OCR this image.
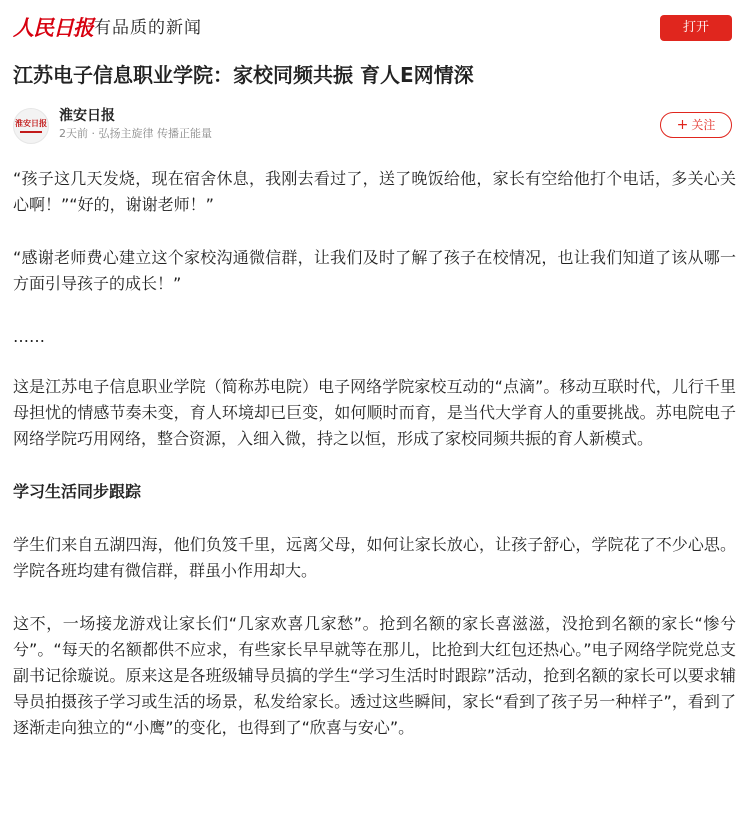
人民日报 有品质的新闻	打开
江苏电子信息职业学院：家校同频共振 育人E网情深
淮安日报 淮安日报
2天前 · 弘扬主旋律 传播正能量
+ 关注

“孩子这几天发烧，现在宿舍休息，我刚去看过了，送了晚饭给他，家长有空给他打个电话，多关心关心啊！”“好的，谢谢老师！”

“感谢老师费心建立这个家校沟通微信群，让我们及时了解了孩子在校情况，也让我们知道了该从哪一方面引导孩子的成长！”

……

这是江苏电子信息职业学院（简称苏电院）电子网络学院家校互动的“点滴”。移动互联时代，儿行千里母担忧的情感节奏未变，育人环境却已巨变，如何顺时而育，是当代大学育人的重要挑战。苏电院电子网络学院巧用网络，整合资源，入细入微，持之以恒，形成了家校同频共振的育人新模式。

学习生活同步跟踪

学生们来自五湖四海，他们负笈千里，远离父母，如何让家长放心，让孩子舒心，学院花了不少心思。学院各班均建有微信群，群虽小作用却大。

这不，一场接龙游戏让家长们“几家欢喜几家愁”。抢到名额的家长喜滋滋，没抢到名额的家长“惨兮兮”。“每天的名额都供不应求，有些家长早早就等在那儿，比抢到大红包还热心。”电子网络学院党总支副书记徐璇说。原来这是各班级辅导员搞的学生“学习生活时时跟踪”活动，抢到名额的家长可以要求辅导员拍摄孩子学习或生活的场景，私发给家长。透过这些瞬间，家长“看到了孩子另一种样子”，看到了逐渐走向独立的“小鹰”的变化，也得到了“欣喜与安心”。
